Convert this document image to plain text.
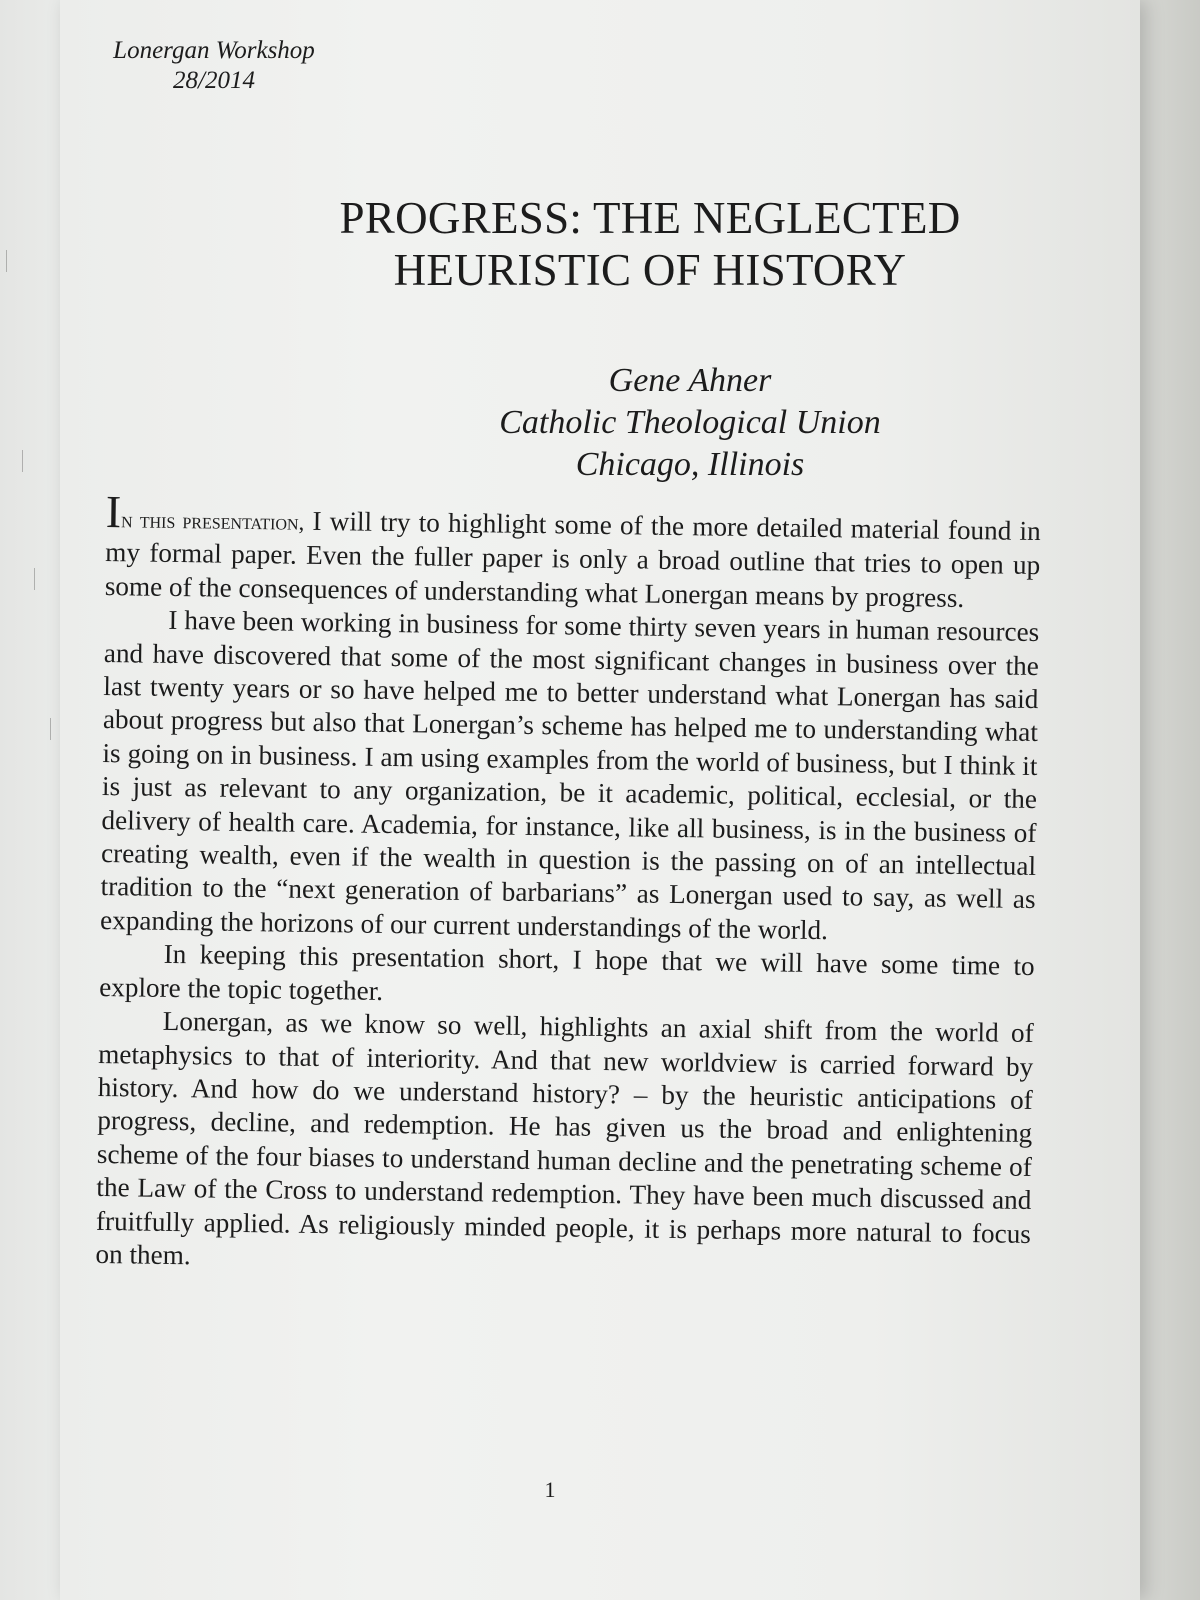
Lonergan Workshop
28/2014
PROGRESS: THE NEGLECTED
HEURISTIC OF HISTORY
Gene Ahner
Catholic Theological Union
Chicago, Illinois

In this presentation, I will try to highlight some of the more detailed material found in my formal paper. Even the fuller paper is only a broad outline that tries to open up some of the consequences of understanding what Lonergan means by progress.

I have been working in business for some thirty seven years in human resources and have discovered that some of the most significant changes in business over the last twenty years or so have helped me to better understand what Lonergan has said about progress but also that Lonergan’s scheme has helped me to understanding what is going on in business. I am using examples from the world of business, but I think it is just as relevant to any organization, be it academic, political, ecclesial, or the delivery of health care. Academia, for instance, like all business, is in the business of creating wealth, even if the wealth in question is the passing on of an intellectual tradition to the “next generation of barbarians” as Lonergan used to say, as well as expanding the horizons of our current understandings of the world.

In keeping this presentation short, I hope that we will have some time to explore the topic together.

Lonergan, as we know so well, highlights an axial shift from the world of metaphysics to that of interiority. And that new worldview is carried forward by history. And how do we understand history? – by the heuristic anticipations of progress, decline, and redemption. He has given us the broad and enlightening scheme of the four biases to understand human decline and the penetrating scheme of the Law of the Cross to understand redemption. They have been much discussed and fruitfully applied. As religiously minded people, it is perhaps more natural to focus on them.

1
